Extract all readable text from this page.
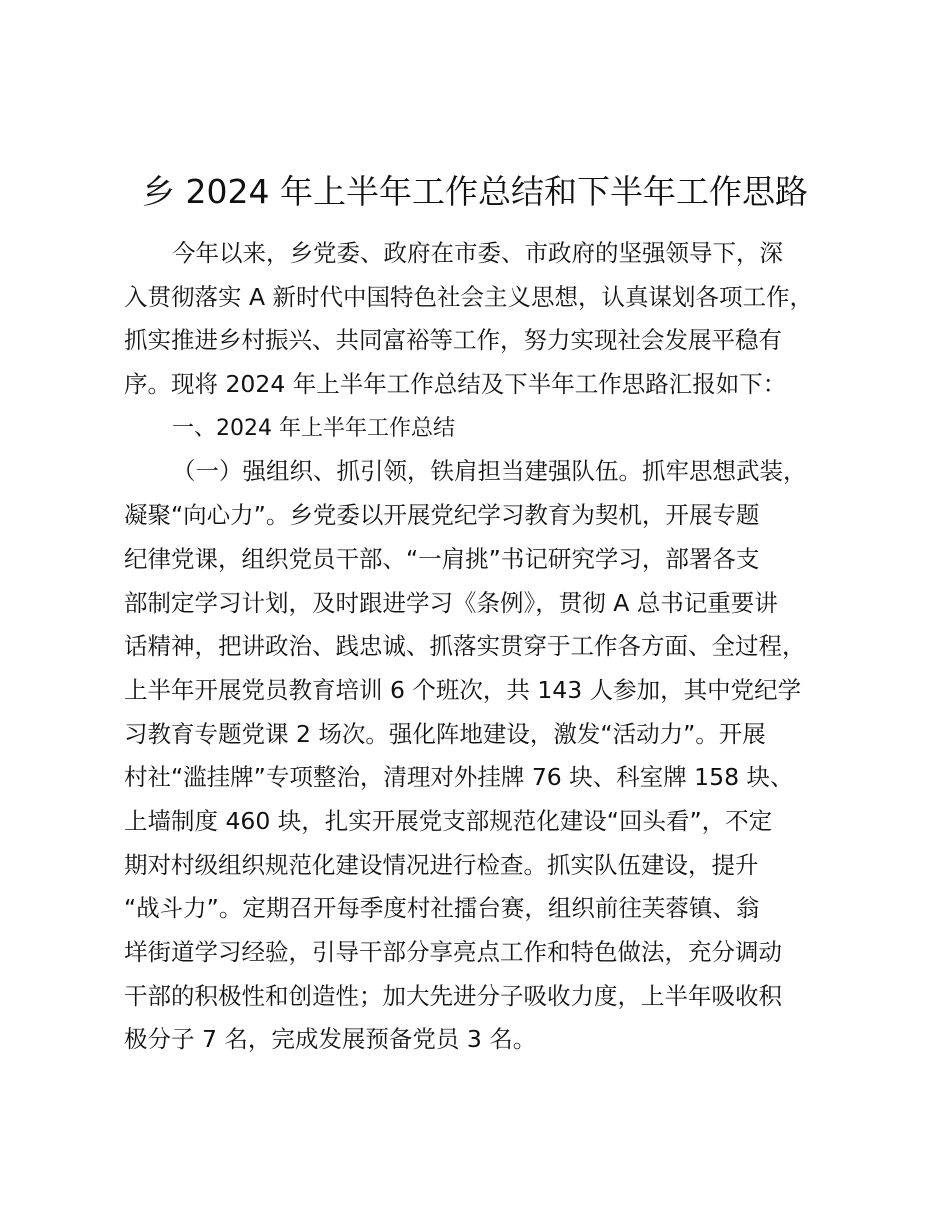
乡 2024 年上半年工作总结和下半年工作思路
今年以来，乡党委、政府在市委、市政府的坚强领导下，深
入贯彻落实 A 新时代中国特色社会主义思想，认真谋划各项工作，
抓实推进乡村振兴、共同富裕等工作，努力实现社会发展平稳有
序。现将 2024 年上半年工作总结及下半年工作思路汇报如下：
一、2024 年上半年工作总结
（一）强组织、抓引领，铁肩担当建强队伍。抓牢思想武装，
凝聚“向心力”。乡党委以开展党纪学习教育为契机，开展专题
纪律党课，组织党员干部、“一肩挑”书记研究学习，部署各支
部制定学习计划，及时跟进学习《条例》，贯彻 A 总书记重要讲
话精神，把讲政治、践忠诚、抓落实贯穿于工作各方面、全过程，
上半年开展党员教育培训 6 个班次，共 143 人参加，其中党纪学
习教育专题党课 2 场次。强化阵地建设，激发“活动力”。开展
村社“滥挂牌”专项整治，清理对外挂牌 76 块、科室牌 158 块、
上墙制度 460 块，扎实开展党支部规范化建设“回头看”，不定
期对村级组织规范化建设情况进行检查。抓实队伍建设，提升
“战斗力”。定期召开每季度村社擂台赛，组织前往芙蓉镇、翁
垟街道学习经验，引导干部分享亮点工作和特色做法，充分调动
干部的积极性和创造性；加大先进分子吸收力度，上半年吸收积
极分子 7 名，完成发展预备党员 3 名。
